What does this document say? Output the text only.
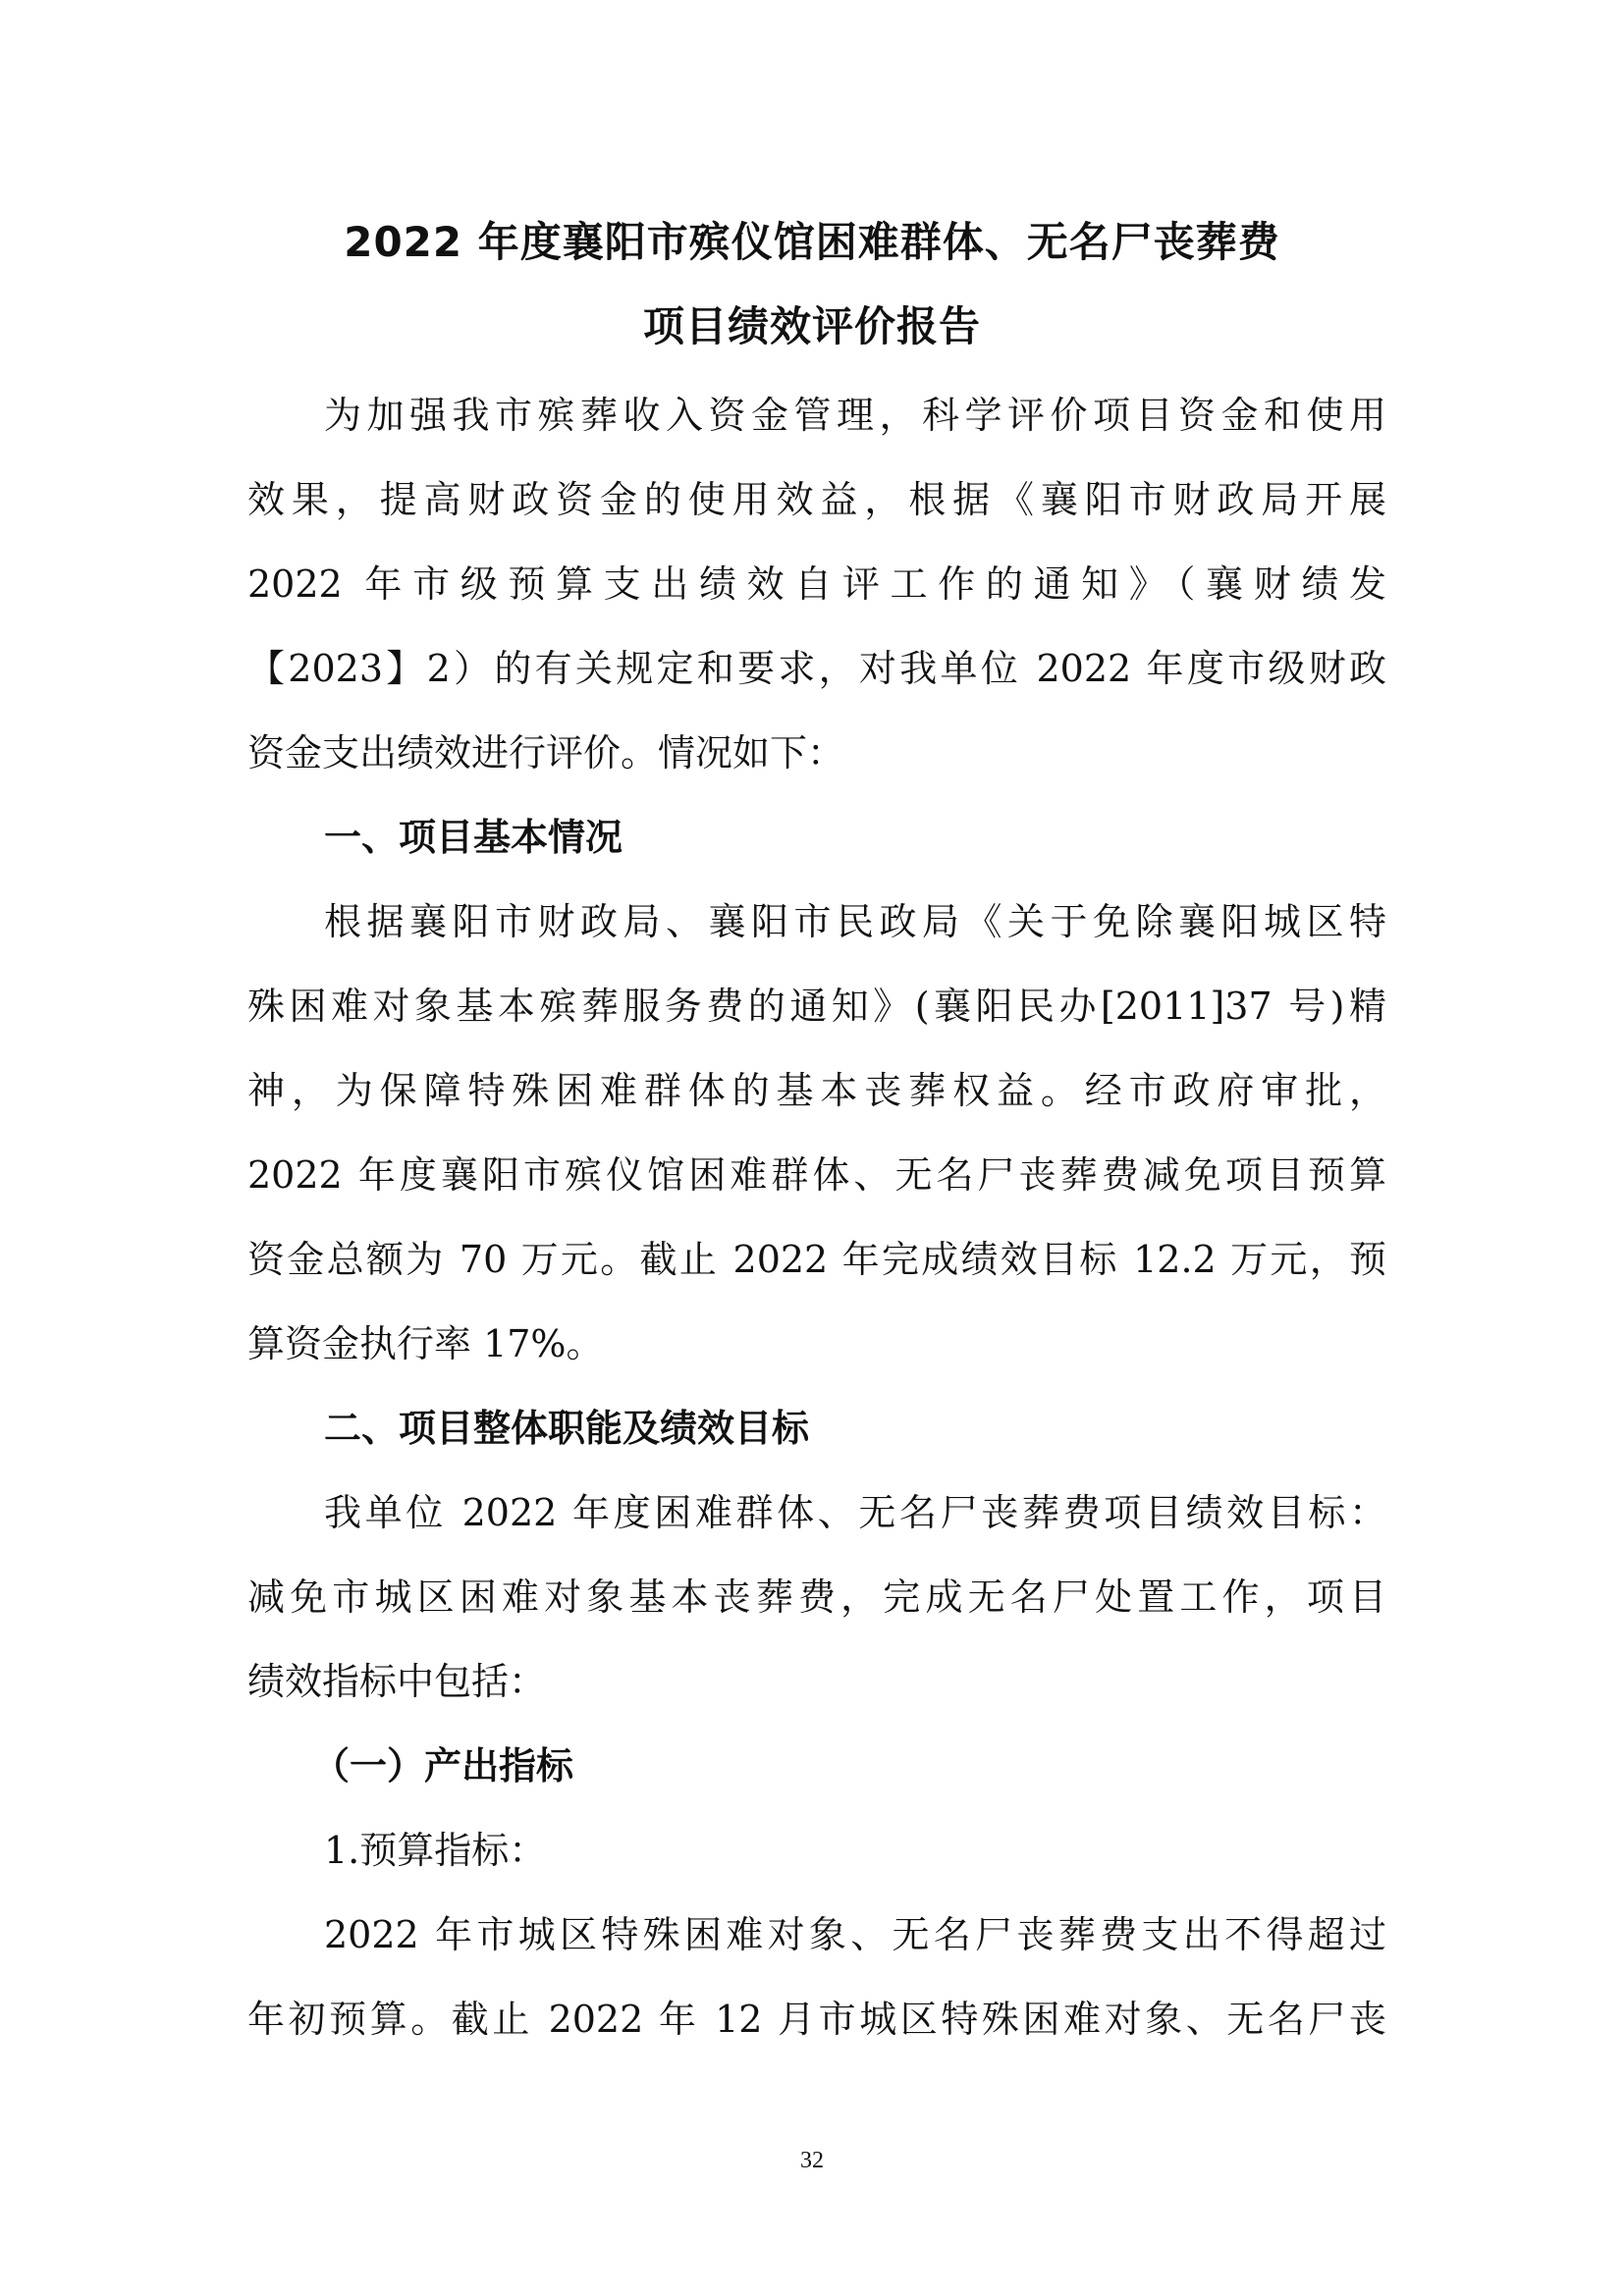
2022 年度襄阳市殡仪馆困难群体、无名尸丧葬费
项目绩效评价报告
为加强我市殡葬收入资金管理，科学评价项目资金和使用
效果，提高财政资金的使用效益，根据《襄阳市财政局开展
2022 年市级预算支出绩效自评工作的通知》（襄财绩发
【2023】2）的有关规定和要求，对我单位 2022 年度市级财政
资金支出绩效进行评价。情况如下：
一、项目基本情况
根据襄阳市财政局、襄阳市民政局《关于免除襄阳城区特
殊困难对象基本殡葬服务费的通知》(襄阳民办[2011]37 号)精
神，为保障特殊困难群体的基本丧葬权益。经市政府审批，
2022 年度襄阳市殡仪馆困难群体、无名尸丧葬费减免项目预算
资金总额为 70 万元。截止 2022 年完成绩效目标 12.2 万元，预
算资金执行率 17%。
二、项目整体职能及绩效目标
我单位 2022 年度困难群体、无名尸丧葬费项目绩效目标：
减免市城区困难对象基本丧葬费，完成无名尸处置工作，项目
绩效指标中包括：
（一）产出指标
1.预算指标：
2022 年市城区特殊困难对象、无名尸丧葬费支出不得超过
年初预算。截止 2022 年 12 月市城区特殊困难对象、无名尸丧
32
